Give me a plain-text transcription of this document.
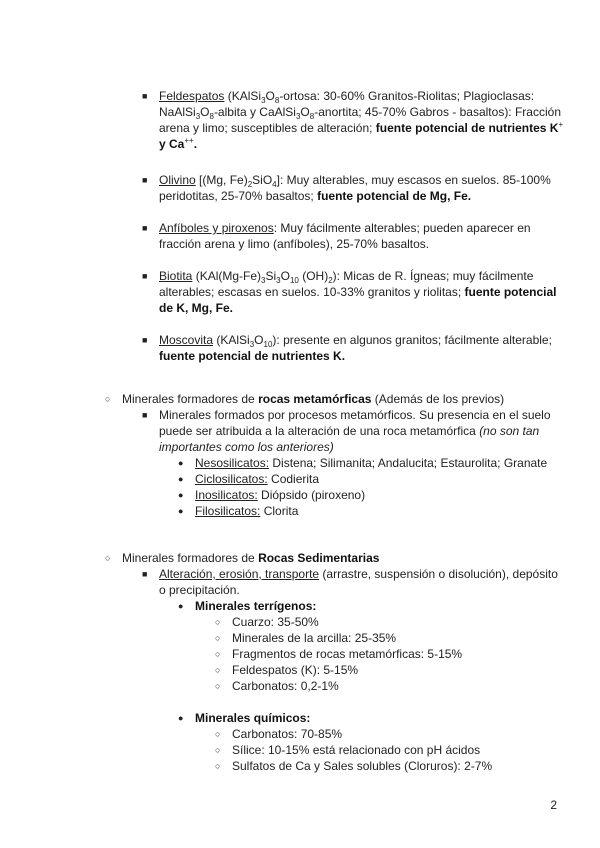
■ Feldespatos ($KAlSi_3O_8$-ortosa: 30-60% Granitos-Riolitas; Plagioclasas: $NaAlSi_3O_8$-albita y $CaAlSi_3O_8$-anortita; 45-70% Gabros - basaltos): Fracción arena y limo; susceptibles de alteración; fuente potencial de nutrientes K+ y Ca++.
■ Olivino [(Mg, $Fe)_2SiO_4$]: Muy alterables, muy escasos en suelos. 85-100% peridotitas, 25-70% basaltos; fuente potencial de Mg, Fe.
■ Anfíboles y piroxenos: Muy fácilmente alterables; pueden aparecer en fracción arena y limo (anfíboles), 25-70% basaltos.
■ Biotita ($KAl(Mg-Fe)_3Si_3O_{10}$ $(OH)_2$): Micas de R. Ígneas; muy fácilmente alterables; escasas en suelos. 10-33% granitos y riolitas; fuente potencial de K, Mg, Fe.
■ Moscovita $(KAlSi_3O_{10})$: presente en algunos granitos; fácilmente alterable; fuente potencial de nutrientes K.
○ Minerales formadores de rocas metamórficas (Además de los previos)
■ Minerales formados por procesos metamórficos. Su presencia en el suelo puede ser atribuida a la alteración de una roca metamórfica (no son tan importantes como los anteriores)
● Nesosilicatos: Distena; Silimanita; Andalucita; Estaurolita; Granate
● Ciclosilicatos: Codierita
● Inosilicatos: Diópsido (piroxeno)
● Filosilicatos: Clorita
○ Minerales formadores de Rocas Sedimentarias
■ Alteración, erosión, transporte (arrastre, suspensión o disolución), depósito o precipitación.
● Minerales terrígenos:
○ Cuarzo: 35-50%
○ Minerales de la arcilla: 25-35%
○ Fragmentos de rocas metamórficas: 5-15%
○ Feldespatos (K): 5-15%
○ Carbonatos: 0,2-1%
● Minerales químicos:
○ Carbonatos: 70-85%
○ Sílice: 10-15% está relacionado con pH ácidos
○ Sulfatos de Ca y Sales solubles (Cloruros): 2-7%
2
